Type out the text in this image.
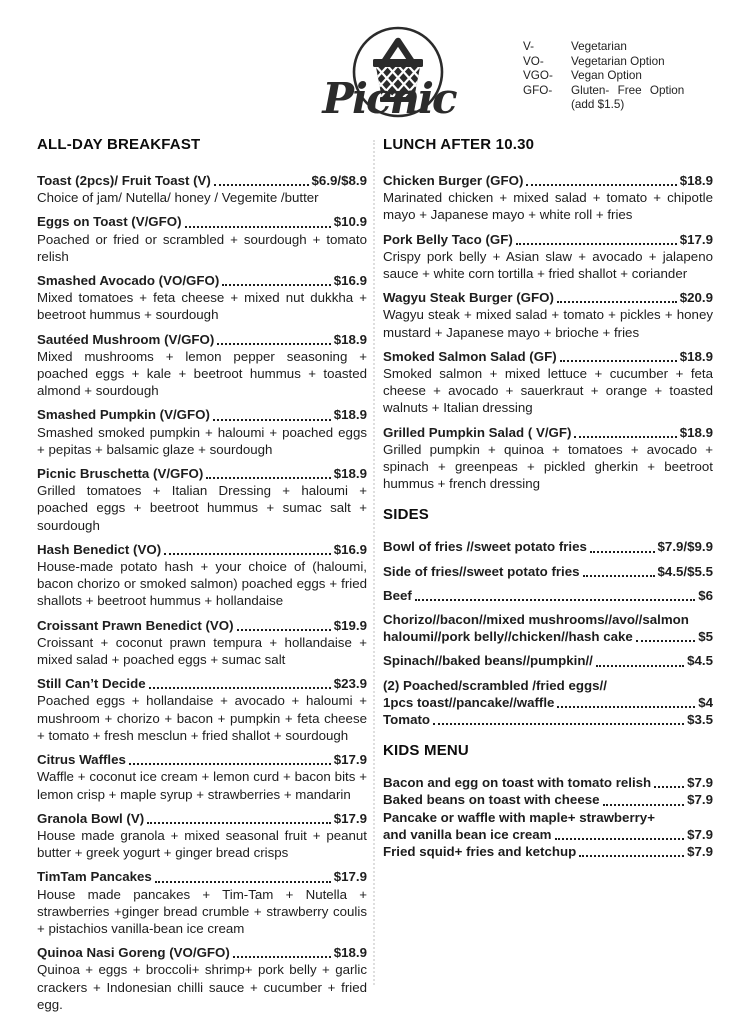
Picnic
V-	Vegetarian
VO-	Vegetarian Option
VGO-	Vegan Option
GFO-	Gluten- Free Option
(add $1.5)
ALL-DAY BREAKFAST
Toast (2pcs)/ Fruit Toast (V)	$6.9/$8.9

Choice of jam/ Nutella/ honey / Vegemite /butter

Eggs on Toast (V/GFO)	$10.9

Poached or fried or scrambled + sourdough + tomato relish

Smashed Avocado (VO/GFO)	$16.9

Mixed tomatoes + feta cheese + mixed nut dukkha + beetroot hummus + sourdough

Sautéed Mushroom (V/GFO)	$18.9

Mixed mushrooms + lemon pepper seasoning + poached eggs + kale + beetroot hummus + toasted almond + sourdough

Smashed Pumpkin (V/GFO)	$18.9

Smashed smoked pumpkin + haloumi + poached eggs + pepitas + balsamic glaze + sourdough

Picnic Bruschetta (V/GFO)	$18.9

Grilled tomatoes + Italian Dressing + haloumi + poached eggs + beetroot hummus + sumac salt + sourdough

Hash Benedict (VO)	$16.9

House-made potato hash + your choice of (haloumi, bacon chorizo or smoked salmon) poached eggs + fried shallots + beetroot hummus + hollandaise

Croissant Prawn Benedict (VO)	$19.9

Croissant + coconut prawn tempura + hollandaise + mixed salad + poached eggs + sumac salt

Still Can’t Decide	$23.9

Poached eggs + hollandaise + avocado + haloumi + mushroom + chorizo + bacon + pumpkin + feta cheese + tomato + fresh mesclun + fried shallot + sourdough

Citrus Waffles	$17.9

Waffle + coconut ice cream + lemon curd + bacon bits + lemon crisp + maple syrup + strawberries + mandarin

Granola Bowl (V)	$17.9

House made granola + mixed seasonal fruit + peanut butter + greek yogurt + ginger bread crisps

TimTam Pancakes	$17.9

House made pancakes + Tim-Tam + Nutella + strawberries +ginger bread crumble + strawberry coulis + pistachios vanilla-bean ice cream

Quinoa Nasi Goreng (VO/GFO)	$18.9

Quinoa + eggs + broccoli+ shrimp+ pork belly + garlic crackers + Indonesian chilli sauce + cucumber + fried egg.

LUNCH AFTER 10.30
Chicken Burger (GFO)	$18.9

Marinated chicken + mixed salad + tomato + chipotle mayo + Japanese mayo + white roll + fries

Pork Belly Taco (GF)	$17.9

Crispy pork belly + Asian slaw + avocado + jalapeno sauce + white corn tortilla + fried shallot + coriander

Wagyu Steak Burger (GFO)	$20.9

Wagyu steak + mixed salad + tomato + pickles + honey mustard + Japanese mayo + brioche + fries

Smoked Salmon Salad (GF)	$18.9

Smoked salmon + mixed lettuce + cucumber + feta cheese + avocado + sauerkraut + orange + toasted walnuts + Italian dressing

Grilled Pumpkin Salad ( V/GF)	$18.9

Grilled pumpkin + quinoa + tomatoes + avocado + spinach + greenpeas + pickled gherkin + beetroot hummus + french dressing

SIDES
Bowl of fries //sweet potato fries	$7.9/$9.9
Side of fries//sweet potato fries	$4.5/$5.5
Beef	$6
Chorizo//bacon//mixed mushrooms//avo//salmon
haloumi//pork belly//chicken//hash cake	$5
Spinach//baked beans//pumpkin//	$4.5
(2) Poached/scrambled /fried eggs//
1pcs toast//pancake//waffle	$4
Tomato	$3.5
KIDS MENU
Bacon and egg on toast with tomato relish	$7.9
Baked beans on toast with cheese	$7.9
Pancake or waffle with maple+ strawberry+
and vanilla bean ice cream	$7.9
Fried squid+ fries and ketchup	$7.9
